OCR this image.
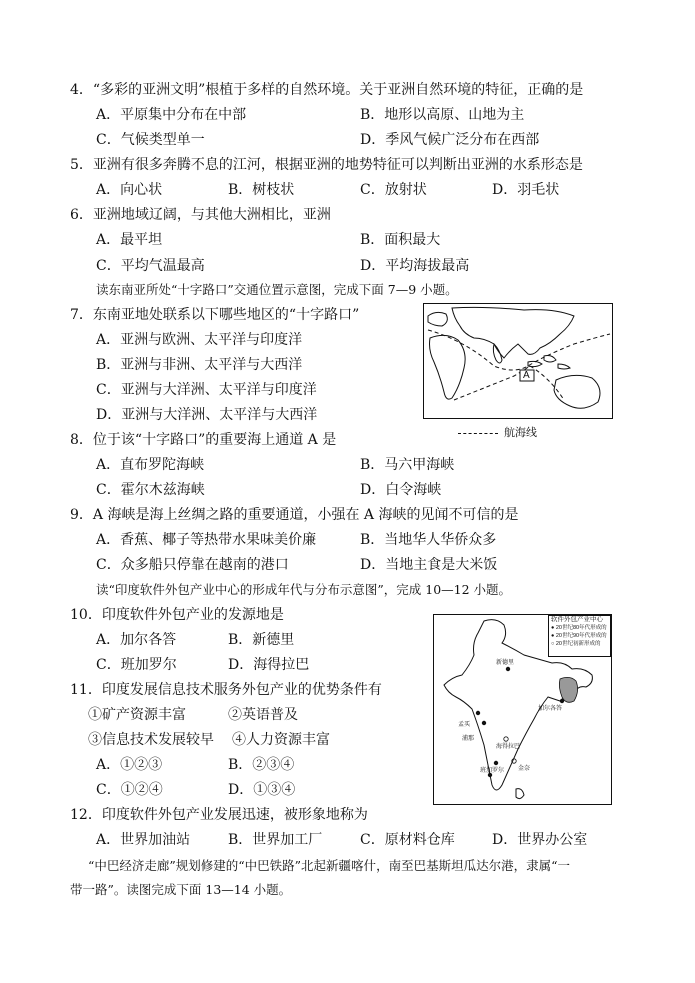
4．“多彩的亚洲文明”根植于多样的自然环境。关于亚洲自然环境的特征，正确的是
A．平原集中分布在中部	B．地形以高原、山地为主
C．气候类型单一	D．季风气候广泛分布在西部
5．亚洲有很多奔腾不息的江河，根据亚洲的地势特征可以判断出亚洲的水系形态是
A．向心状	B．树枝状	C．放射状	D．羽毛状
6．亚洲地域辽阔，与其他大洲相比，亚洲
A．最平坦	B．面积最大
C．平均气温最高	D．平均海拔最高
读东南亚所处“十字路口”交通位置示意图，完成下面 7—9 小题。
7．东南亚地处联系以下哪些地区的“十字路口”
A．亚洲与欧洲、太平洋与印度洋
B．亚洲与非洲、太平洋与大西洋
C．亚洲与大洋洲、太平洋与印度洋
D．亚洲与大洋洲、太平洋与大西洋
A
航海线
8．位于该“十字路口”的重要海上通道 A 是
A．直布罗陀海峡	B．马六甲海峡
C．霍尔木兹海峡	D．白令海峡
9．A 海峡是海上丝绸之路的重要通道，小强在 A 海峡的见闻不可信的是
A．香蕉、椰子等热带水果味美价廉	B．当地华人华侨众多
C．众多船只停靠在越南的港口	D．当地主食是大米饭
读“印度软件外包产业中心的形成年代与分布示意图”，完成 10—12 小题。
10．印度软件外包产业的发源地是
A．加尔各答	B．新德里
C．班加罗尔	D．海得拉巴
11．印度发展信息技术服务外包产业的优势条件有
①矿产资源丰富	②英语普及
③信息技术发展较早 ④人力资源丰富
A．①②③	B．②③④
C．①②④	D．①③④
软件外包产业中心
● 20世纪80年代形成的
● 20世纪90年代形成的
○ 20世纪初新形成的
新德里
加尔各答
孟买
浦那
海得拉巴
班加罗尔 金奈
12．印度软件外包产业发展迅速，被形象地称为
A．世界加油站	B．世界加工厂	C．原材料仓库	D．世界办公室
“中巴经济走廊”规划修建的“中巴铁路”北起新疆喀什，南至巴基斯坦瓜达尔港，隶属“一
带一路”。读图完成下面 13—14 小题。
